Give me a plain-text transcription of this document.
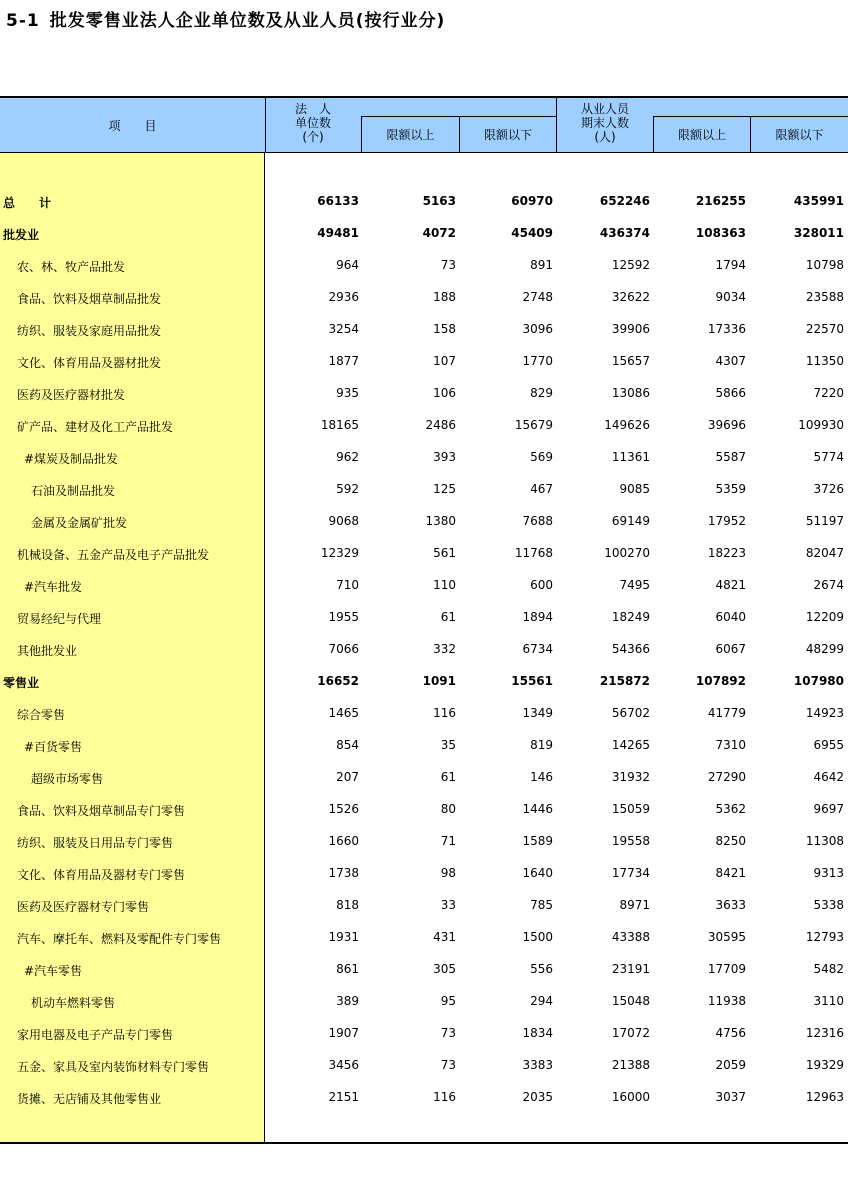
5-1 批发零售业法人企业单位数及从业人员(按行业分)
项　　目
法　人
单位数
(个)	限额以上	限额以下
从业人员
期末人数
(人)	限额以上	限额以下
总　　计	66133	5163	60970	652246	216255	435991
批发业	49481	4072	45409	436374	108363	328011
农、林、牧产品批发	964	73	891	12592	1794	10798
食品、饮料及烟草制品批发	2936	188	2748	32622	9034	23588
纺织、服装及家庭用品批发	3254	158	3096	39906	17336	22570
文化、体育用品及器材批发	1877	107	1770	15657	4307	11350
医药及医疗器材批发	935	106	829	13086	5866	7220
矿产品、建材及化工产品批发	18165	2486	15679	149626	39696	109930
#煤炭及制品批发	962	393	569	11361	5587	5774
石油及制品批发	592	125	467	9085	5359	3726
金属及金属矿批发	9068	1380	7688	69149	17952	51197
机械设备、五金产品及电子产品批发	12329	561	11768	100270	18223	82047
#汽车批发	710	110	600	7495	4821	2674
贸易经纪与代理	1955	61	1894	18249	6040	12209
其他批发业	7066	332	6734	54366	6067	48299
零售业	16652	1091	15561	215872	107892	107980
综合零售	1465	116	1349	56702	41779	14923
#百货零售	854	35	819	14265	7310	6955
超级市场零售	207	61	146	31932	27290	4642
食品、饮料及烟草制品专门零售	1526	80	1446	15059	5362	9697
纺织、服装及日用品专门零售	1660	71	1589	19558	8250	11308
文化、体育用品及器材专门零售	1738	98	1640	17734	8421	9313
医药及医疗器材专门零售	818	33	785	8971	3633	5338
汽车、摩托车、燃料及零配件专门零售	1931	431	1500	43388	30595	12793
#汽车零售	861	305	556	23191	17709	5482
机动车燃料零售	389	95	294	15048	11938	3110
家用电器及电子产品专门零售	1907	73	1834	17072	4756	12316
五金、家具及室内装饰材料专门零售	3456	73	3383	21388	2059	19329
货摊、无店铺及其他零售业	2151	116	2035	16000	3037	12963
